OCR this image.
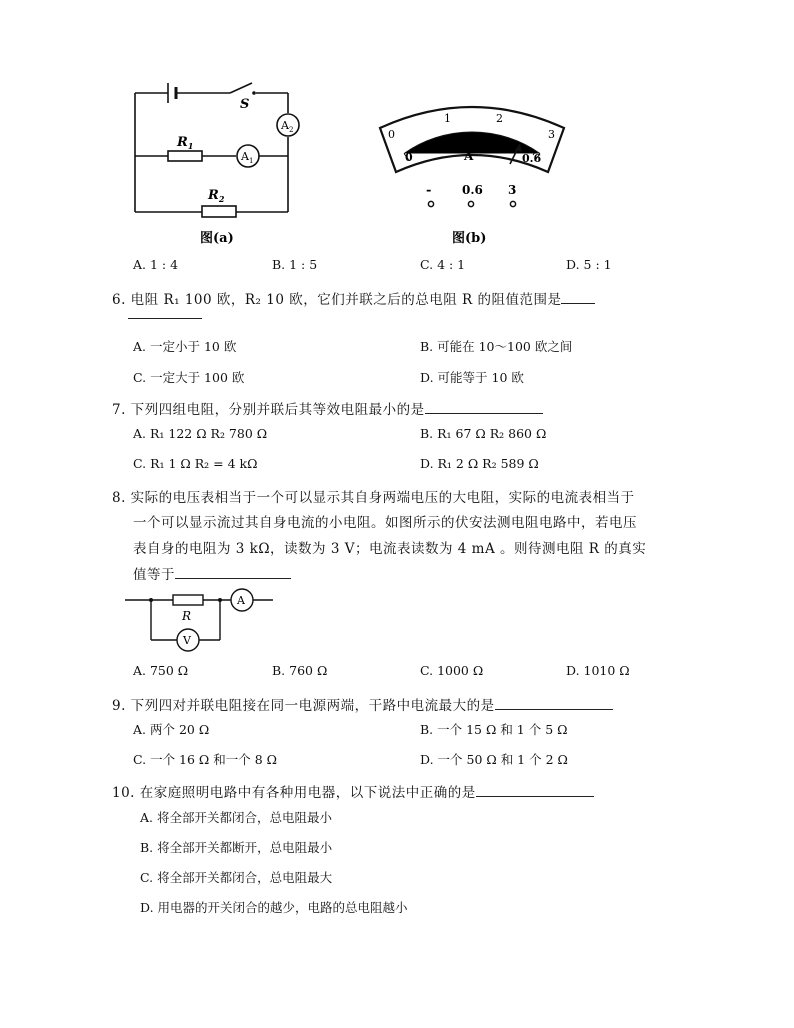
S
$A_2$
$A_1$
$R_1$
$R_2$
图(a)
0
1	2
3
0
0.2 0.4
0.6
A
-	0.6 3
图(b)
A. 1 : 4	B. 1 : 5	C. 4 : 1	D. 5 : 1
6. 电阻 R₁ 100 欧，R₂ 10 欧，它们并联之后的总电阻 R 的阻值范围是
A. 一定小于 10 欧	B. 可能在 10～100 欧之间
C. 一定大于 100 欧	D. 可能等于 10 欧
7. 下列四组电阻，分别并联后其等效电阻最小的是
A. R₁ 122 Ω R₂ 780 Ω	B. R₁ 67 Ω R₂ 860 Ω
C. R₁ 1 Ω R₂ = 4 kΩ	D. R₁ 2 Ω R₂ 589 Ω
8. 实际的电压表相当于一个可以显示其自身两端电压的大电阻，实际的电流表相当于
一个可以显示流过其自身电流的小电阻。如图所示的伏安法测电阻电路中，若电压
表自身的电阻为 3 kΩ，读数为 3 V；电流表读数为 4 mA 。则待测电阻 R 的真实
值等于
R
A
V
A. 750 Ω	B. 760 Ω	C. 1000 Ω	D. 1010 Ω
9. 下列四对并联电阻接在同一电源两端，干路中电流最大的是
A. 两个 20 Ω	B. 一个 15 Ω 和 1 个 5 Ω
C. 一个 16 Ω 和一个 8 Ω	D. 一个 50 Ω 和 1 个 2 Ω
10. 在家庭照明电路中有各种用电器，以下说法中正确的是
A. 将全部开关都闭合，总电阻最小
B. 将全部开关都断开，总电阻最小
C. 将全部开关都闭合，总电阻最大
D. 用电器的开关闭合的越少，电路的总电阻越小
